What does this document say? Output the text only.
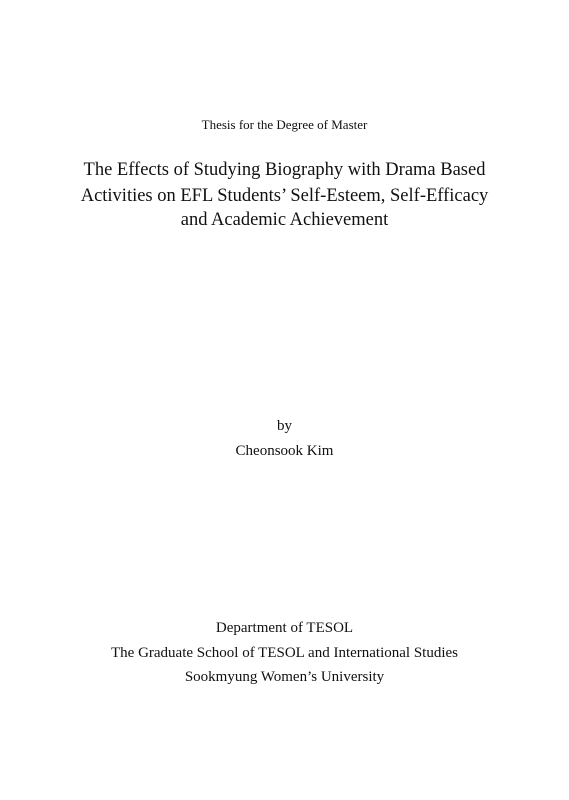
Thesis for the Degree of Master
The Effects of Studying Biography with Drama Based
Activities on EFL Students’ Self-Esteem, Self-Efficacy
and Academic Achievement
by
Cheonsook Kim
Department of TESOL
The Graduate School of TESOL and International Studies
Sookmyung Women’s University
